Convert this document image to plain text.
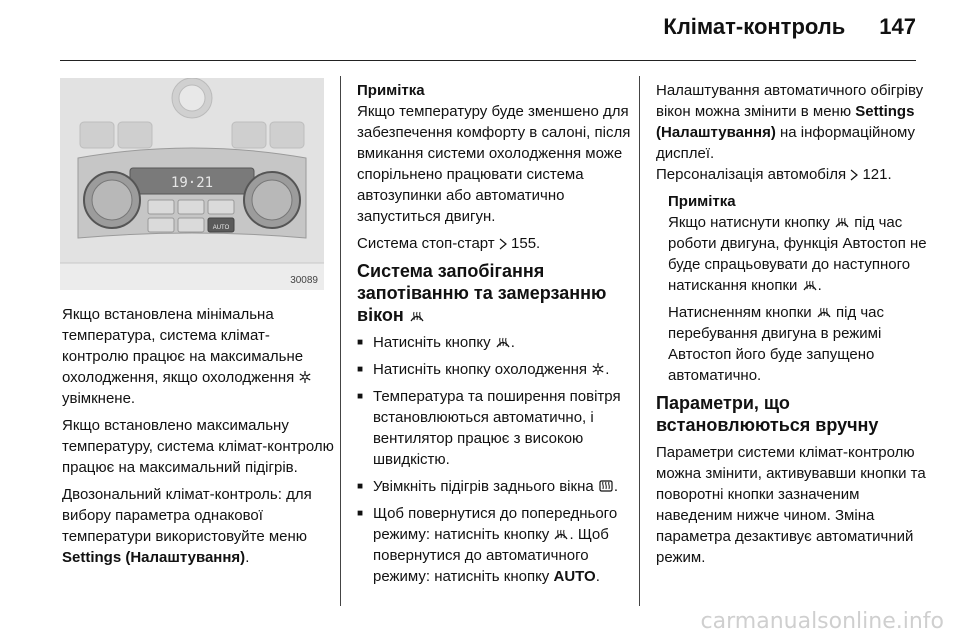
Клімат-контроль 147
19·21
AUTO
30089

Якщо встановлена мінімальна температура, система клімат-контролю працює на максимальне охолодження, якщо охолодження  увімкнене.

Якщо встановлено максимальну температуру, система клімат-контролю працює на максимальний підігрів.

Двозональний клімат-контроль: для вибору параметра однакової температури використовуйте меню Settings (Налаштування).

Примітка

Якщо температуру буде зменшено для забезпечення комфорту в салоні, після вмикання системи охолодження може спорільнено працювати система автозупинки або автоматично запуститься двигун.

Система стоп-старт  155.

Система запобігання запотіванню та замерзанню вікон
■ Натисніть кнопку .
■ Натисніть кнопку охолодження .
■ Температура та поширення повітря встановлюються автоматично, і вентилятор працює з високою швидкістю.
■ Увімкніть підігрів заднього вікна .
■ Щоб повернутися до попереднього режиму: натисніть кнопку . Щоб повернутися до автоматичного режиму: натисніть кнопку AUTO.

Налаштування автоматичного обігріву вікон можна змінити в меню Settings (Налаштування) на інформаційному дисплеї.
Персоналізація автомобіля  121.

Примітка

Якщо натиснути кнопку  під час роботи двигуна, функція Автостоп не буде спрацьовувати до наступного натискання кнопки .

Натисненням кнопки  під час перебування двигуна в режимі Автостоп його буде запущено автоматично.

Параметри, що встановлюються вручну

Параметри системи клімат-контролю можна змінити, активувавши кнопки та поворотні кнопки зазначеним наведеним нижче чином. Зміна параметра дезактивує автоматичний режим.

carmanualsonline.info
